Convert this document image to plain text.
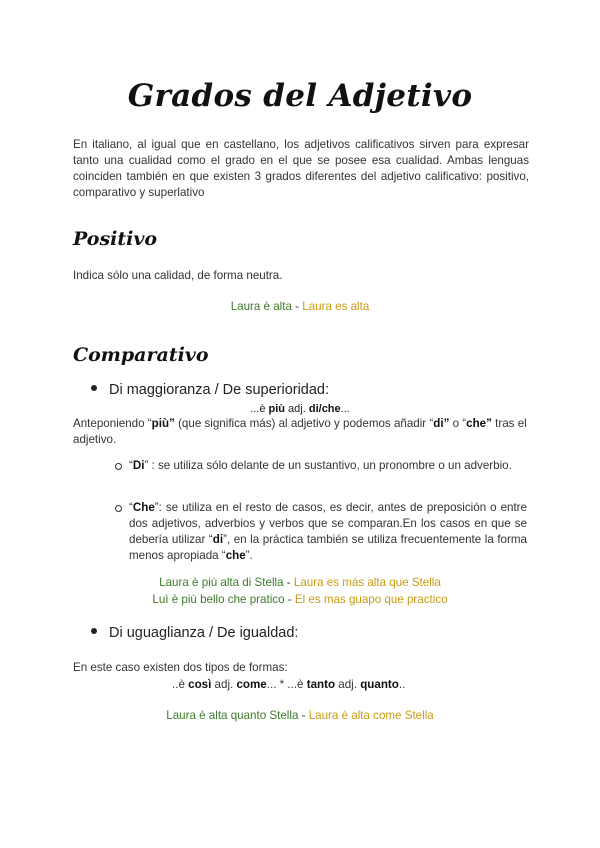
Grados del Adjetivo
En italiano, al igual que en castellano, los adjetivos calificativos sirven para expresar tanto una cualidad como el grado en el que se posee esa cualidad. Ambas lenguas coinciden también en que existen 3 grados diferentes del adjetivo calificativo: positivo, comparativo y superlativo
Positivo
Indica sólo una calidad, de forma neutra.
Laura è alta - Laura es alta
Comparativo
Di maggioranza / De superioridad:
...è più adj. di/che...
Anteponiendo “più” (que significa más) al adjetivo y podemos añadir “di” o “che” tras el adjetivo.
“Di” : se utiliza sólo delante de un sustantivo, un pronombre o un adverbio.
“Che”: se utiliza en el resto de casos, es decir, antes de preposición o entre dos adjetivos, adverbios y verbos que se comparan.En los casos en que se debería utilizar “di”, en la práctica también se utiliza frecuentemente la forma menos apropiada “che”.
Laura è più alta di Stella - Laura es más alta que Stella
Luì è più bello che pratico - El es mas guapo que practico
Di uguaglianza / De igualdad:
En este caso existen dos tipos de formas:
..è così adj. come... * ...è tanto adj. quanto..
Laura è alta quanto Stella - Laura è alta come Stella
